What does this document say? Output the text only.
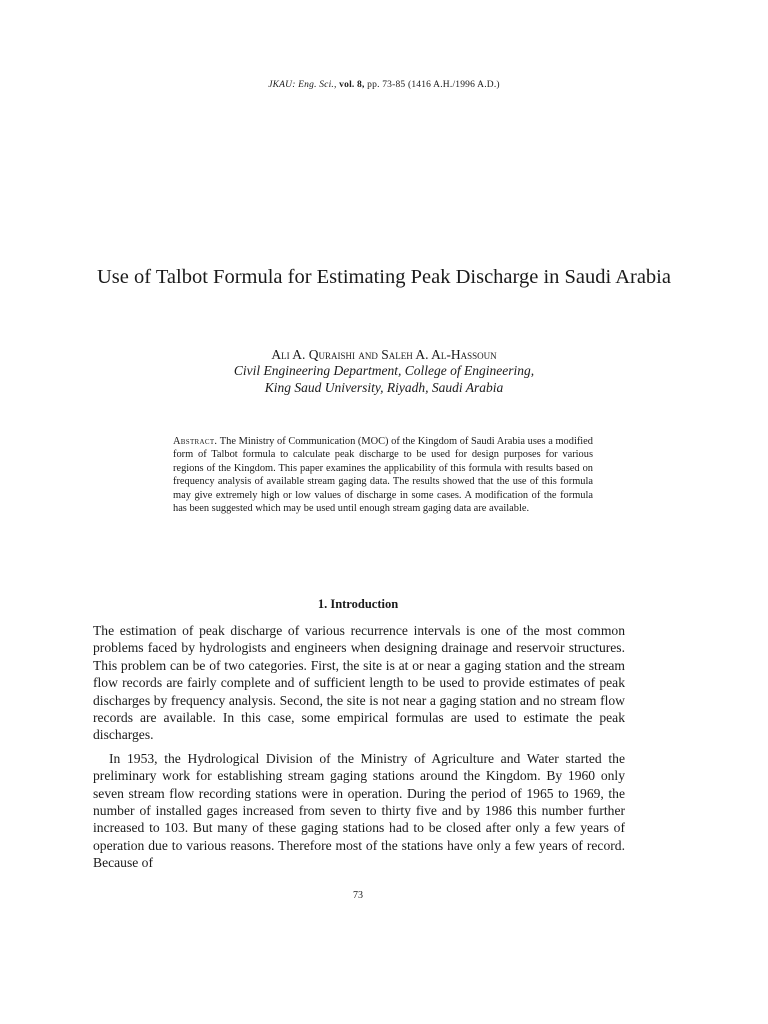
JKAU: Eng. Sci., vol. 8, pp. 73-85 (1416 A.H./1996 A.D.)
Use of Talbot Formula for Estimating Peak Discharge in Saudi Arabia
Ali A. Quraishi and Saleh A. Al-Hassoun
Civil Engineering Department, College of Engineering,
King Saud University, Riyadh, Saudi Arabia
Abstract. The Ministry of Communication (MOC) of the Kingdom of Saudi Arabia uses a modified form of Talbot formula to calculate peak discharge to be used for design purposes for various regions of the Kingdom. This paper examines the applicability of this formula with results based on frequency analysis of available stream gaging data. The results showed that the use of this formula may give extremely high or low values of discharge in some cases. A modification of the formula has been suggested which may be used until enough stream gaging data are available.
1. Introduction

The estimation of peak discharge of various recurrence intervals is one of the most common problems faced by hydrologists and engineers when designing drainage and reservoir structures. This problem can be of two categories. First, the site is at or near a gaging station and the stream flow records are fairly complete and of sufficient length to be used to provide estimates of peak discharges by frequency analysis. Second, the site is not near a gaging station and no stream flow records are available. In this case, some empirical formulas are used to estimate the peak discharges.

In 1953, the Hydrological Division of the Ministry of Agriculture and Water started the preliminary work for establishing stream gaging stations around the Kingdom. By 1960 only seven stream flow recording stations were in operation. During the period of 1965 to 1969, the number of installed gages increased from seven to thirty five and by 1986 this number further increased to 103. But many of these gaging stations had to be closed after only a few years of operation due to various reasons. Therefore most of the stations have only a few years of record. Because of

73
